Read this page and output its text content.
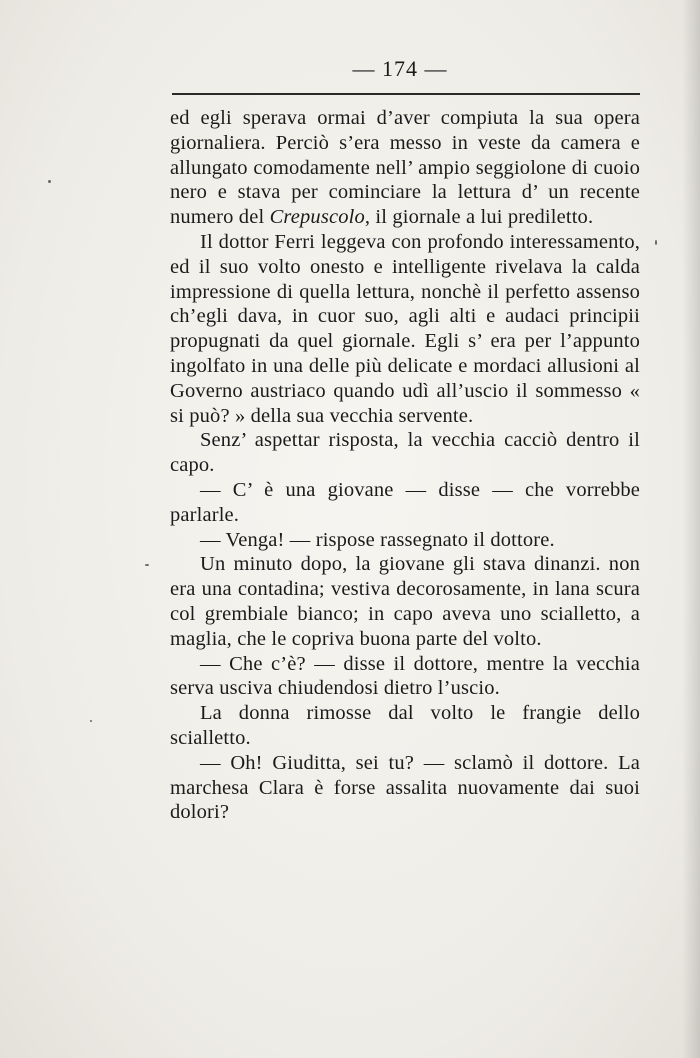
— 174 —

ed egli sperava ormai d’aver compiuta la sua opera giornaliera. Perciò s’era messo in veste da camera e allungato comodamente nell’ ampio seggiolone di cuoio nero e stava per cominciare la lettura d’ un recente numero del Crepuscolo, il giornale a lui prediletto.

Il dottor Ferri leggeva con profondo interessamento, ed il suo volto onesto e intelligente rivelava la calda impressione di quella lettura, nonchè il perfetto assenso ch’egli dava, in cuor suo, agli alti e audaci principii propugnati da quel giornale. Egli s’ era per l’appunto ingolfato in una delle più delicate e mordaci allusioni al Governo austriaco quando udì all’uscio il sommesso « si può? » della sua vecchia servente.

Senz’ aspettar risposta, la vecchia cacciò dentro il capo.

— C’ è una giovane — disse — che vorrebbe parlarle.

— Venga! — rispose rassegnato il dottore.

Un minuto dopo, la giovane gli stava dinanzi. non era una contadina; vestiva decorosamente, in lana scura col grembiale bianco; in capo aveva uno scialletto, a maglia, che le copriva buona parte del volto.

— Che c’è? — disse il dottore, mentre la vecchia serva usciva chiudendosi dietro l’uscio.

La donna rimosse dal volto le frangie dello scialletto.

— Oh! Giuditta, sei tu? — sclamò il dottore. La marchesa Clara è forse assalita nuovamente dai suoi dolori?
